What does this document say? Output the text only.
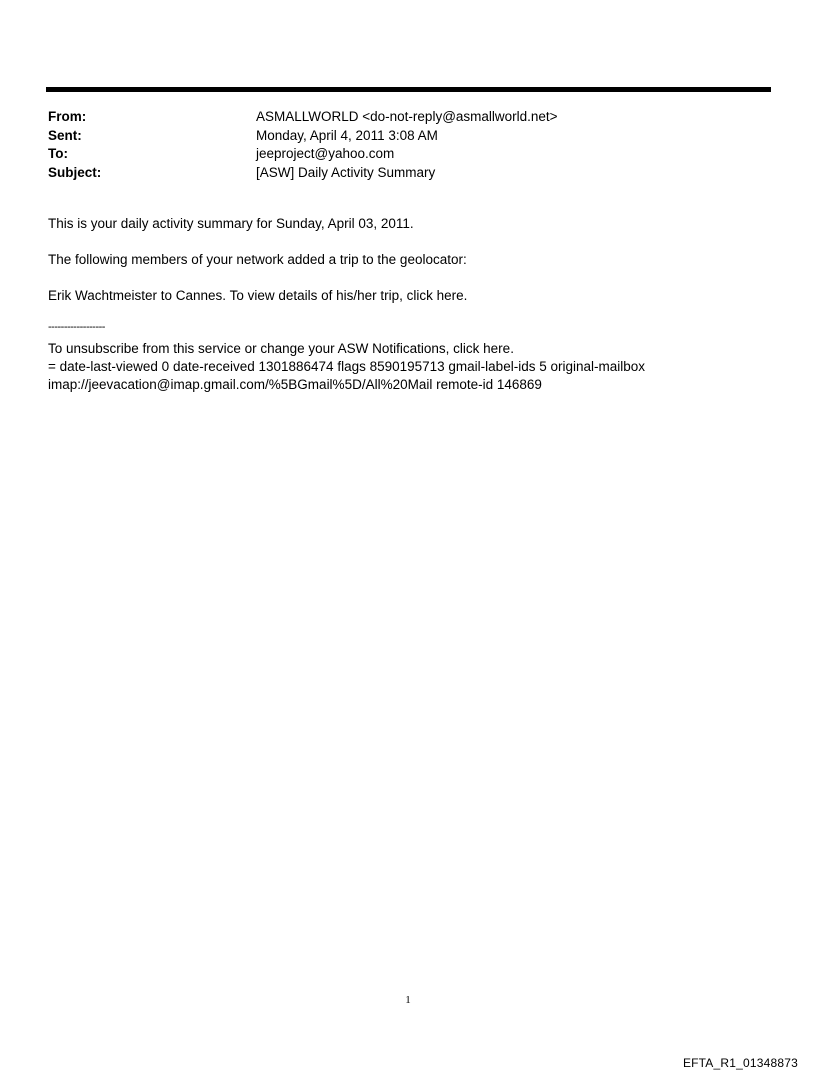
From:	ASMALLWORLD <do-not-reply@asmallworld.net>
Sent:	Monday, April 4, 2011 3:08 AM
To:	jeeproject@yahoo.com
Subject:	[ASW] Daily Activity Summary
This is your daily activity summary for Sunday, April 03, 2011.
The following members of your network added a trip to the geolocator:
Erik Wachtmeister to Cannes. To view details of his/her trip, click here.
------------------
To unsubscribe from this service or change your ASW Notifications, click here.
= date-last-viewed 0 date-received 1301886474 flags 8590195713 gmail-label-ids 5 original-mailbox
imap://jeevacation@imap.gmail.com/%5BGmail%5D/All%20Mail remote-id 146869
1
EFTA_R1_01348873
